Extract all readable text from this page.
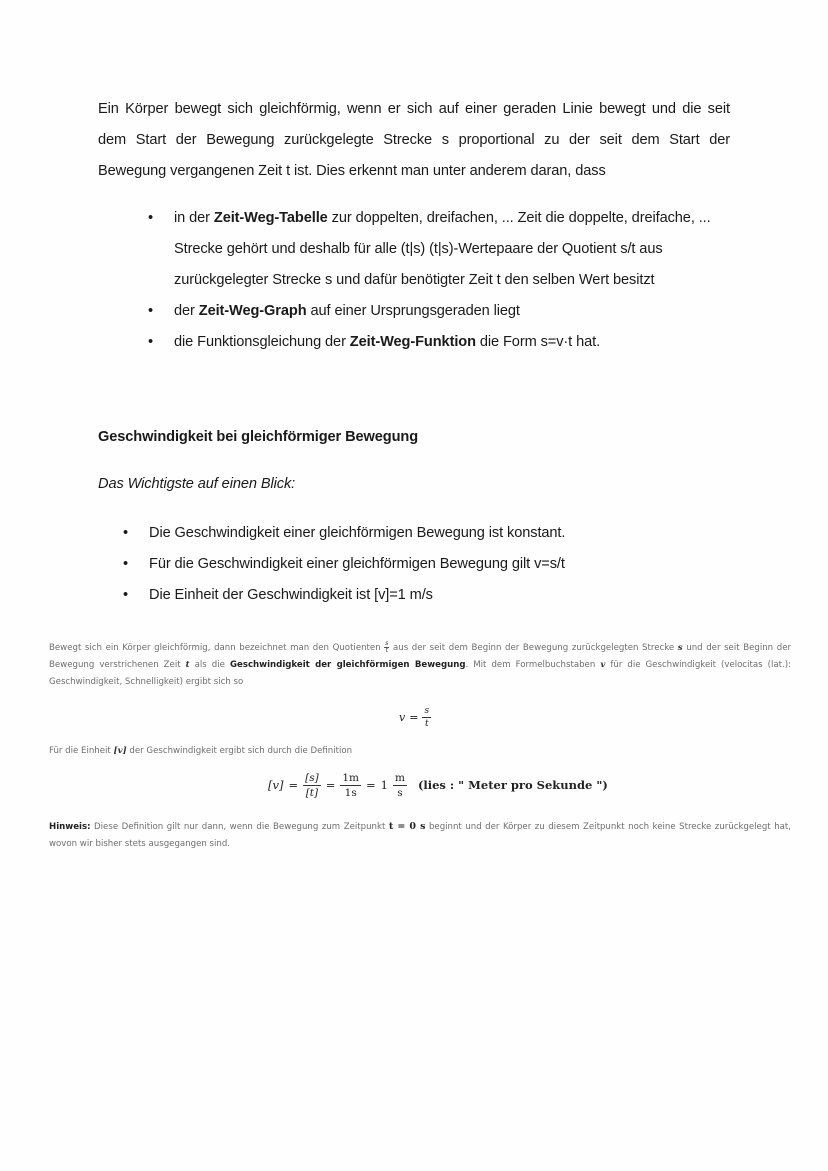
Ein Körper bewegt sich gleichförmig, wenn er sich auf einer geraden Linie bewegt und die seit
dem Start der Bewegung zurückgelegte Strecke s proportional zu der seit dem Start der
Bewegung vergangenen Zeit t ist. Dies erkennt man unter anderem daran, dass

• in der Zeit-Weg-Tabelle zur doppelten, dreifachen, ... Zeit die doppelte, dreifache, ... Strecke gehört und deshalb für alle (t|s) (t|s)-Wertepaare der Quotient s/t aus zurückgelegter Strecke s und dafür benötigter Zeit t den selben Wert besitzt
• der Zeit-Weg-Graph auf einer Ursprungsgeraden liegt
• die Funktionsgleichung der Zeit-Weg-Funktion die Form s=v·t hat.
Geschwindigkeit bei gleichförmiger Bewegung

Das Wichtigste auf einen Blick:

• Die Geschwindigkeit einer gleichförmigen Bewegung ist konstant.
• Für die Geschwindigkeit einer gleichförmigen Bewegung gilt v=s/t
• Die Einheit der Geschwindigkeit ist [v]=1 m/s

Bewegt sich ein Körper gleichförmig, dann bezeichnet man den Quotienten $\frac{s}{t}$ aus der seit dem Beginn der Bewegung zurückgelegten Strecke s und der seit Beginn der Bewegung verstrichenen Zeit t als die Geschwindigkeit der gleichförmigen Bewegung. Mit dem Formelbuchstaben v für die Geschwindigkeit (velocitas (lat.): Geschwindigkeit, Schnelligkeit) ergibt sich so

$v = \frac{s}{t}$

Für die Einheit [v] der Geschwindigkeit ergibt sich durch die Definition

$[v] = \frac{[s]}{[t]} = \frac{1m}{1s} = 1 \frac{m}{s}$ (lies : " Meter pro Sekunde ")

Hinweis: Diese Definition gilt nur dann, wenn die Bewegung zum Zeitpunkt t = 0 s beginnt und der Körper zu diesem Zeitpunkt noch keine Strecke zurückgelegt hat, wovon wir bisher stets ausgegangen sind.
